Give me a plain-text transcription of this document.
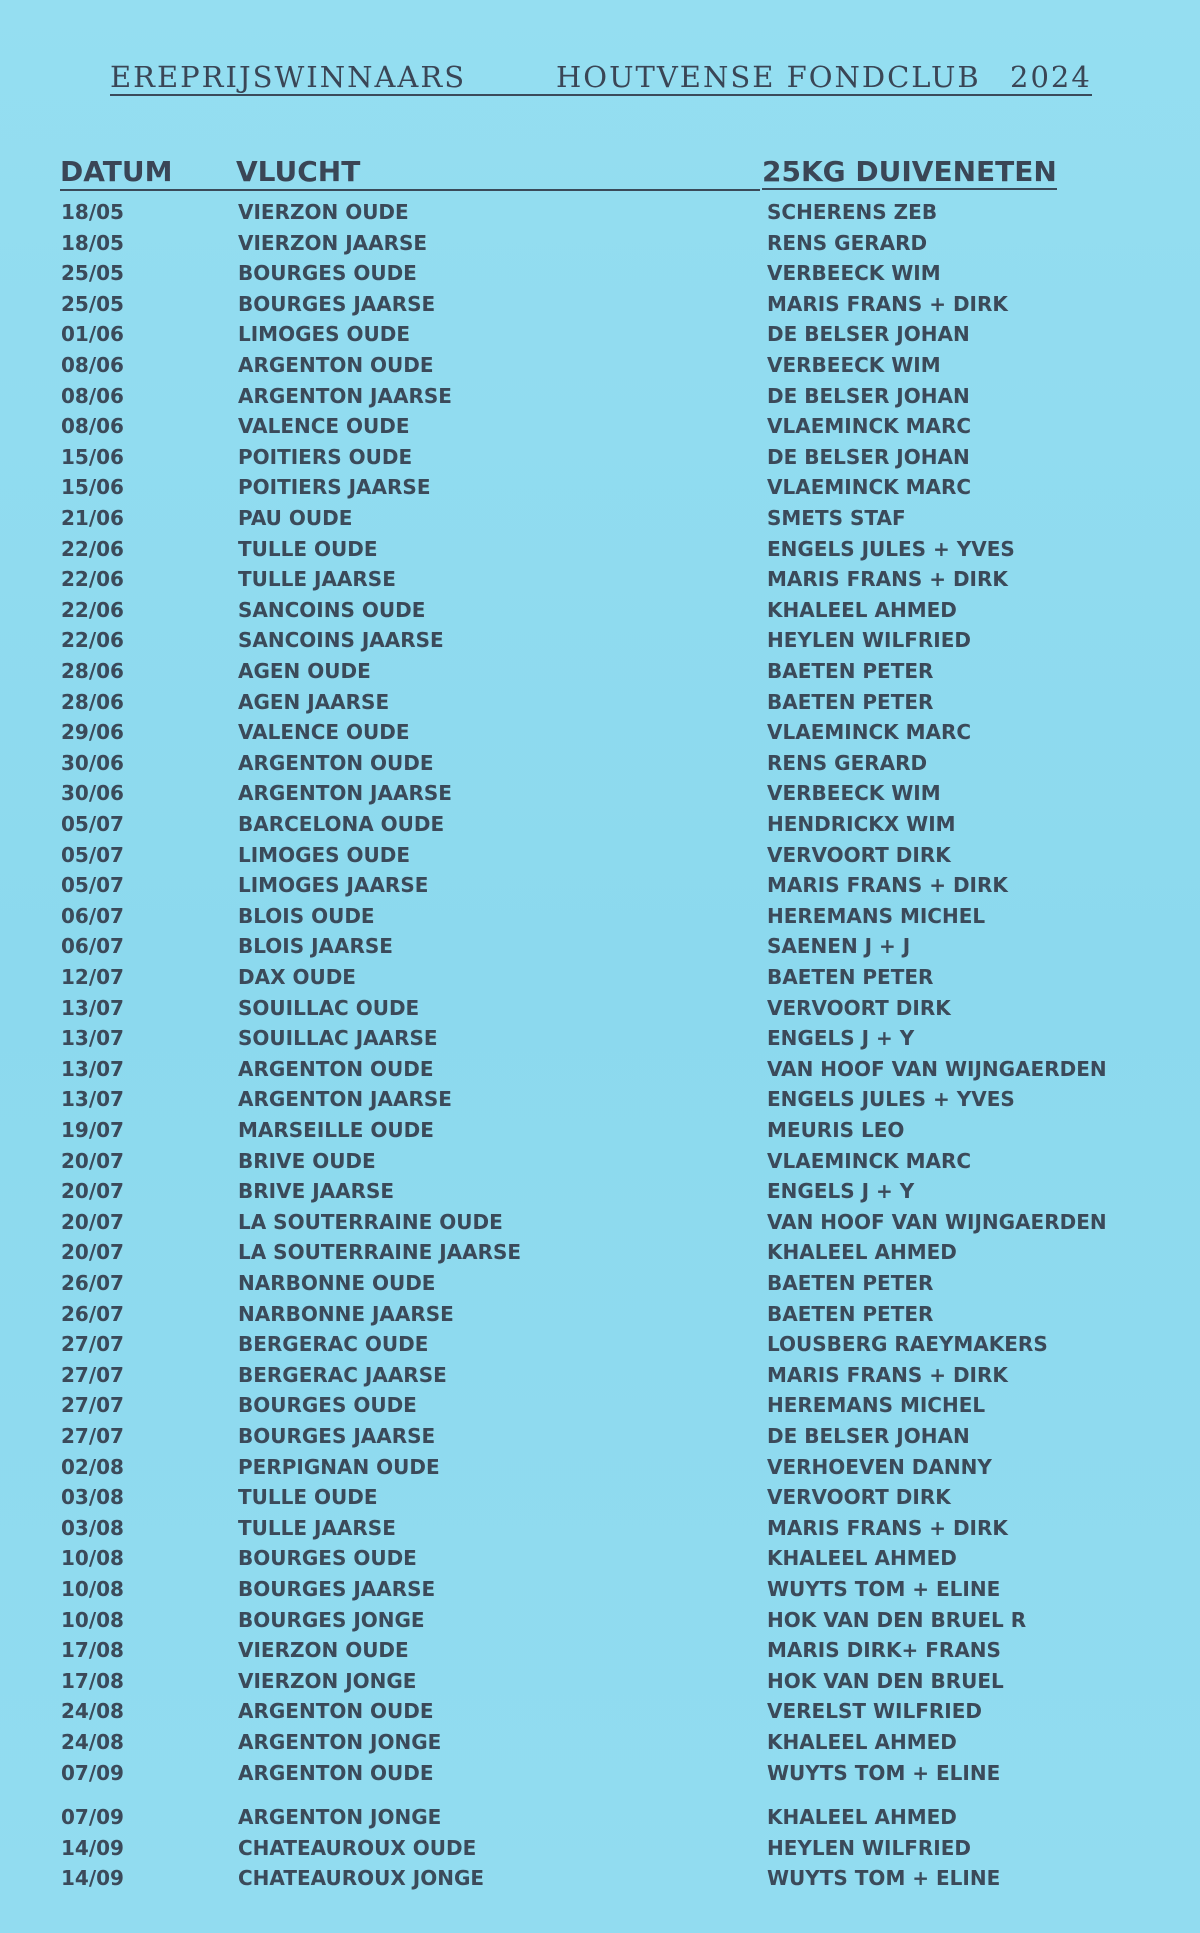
EREPRIJSWINNAARS	HOUTVENSE FONDCLUB 2024
DATUM VLUCHT	25KG DUIVENETEN
18/05	VIERZON OUDE	SCHERENS ZEB
18/05	VIERZON JAARSE	RENS GERARD
25/05	BOURGES OUDE	VERBEECK WIM
25/05	BOURGES JAARSE	MARIS FRANS + DIRK
01/06	LIMOGES OUDE	DE BELSER JOHAN
08/06	ARGENTON OUDE	VERBEECK WIM
08/06	ARGENTON JAARSE	DE BELSER JOHAN
08/06	VALENCE OUDE	VLAEMINCK MARC
15/06	POITIERS OUDE	DE BELSER JOHAN
15/06	POITIERS JAARSE	VLAEMINCK MARC
21/06	PAU OUDE	SMETS STAF
22/06	TULLE OUDE	ENGELS JULES + YVES
22/06	TULLE JAARSE	MARIS FRANS + DIRK
22/06	SANCOINS OUDE	KHALEEL AHMED
22/06	SANCOINS JAARSE	HEYLEN WILFRIED
28/06	AGEN OUDE	BAETEN PETER
28/06	AGEN JAARSE	BAETEN PETER
29/06	VALENCE OUDE	VLAEMINCK MARC
30/06	ARGENTON OUDE	RENS GERARD
30/06	ARGENTON JAARSE	VERBEECK WIM
05/07	BARCELONA OUDE	HENDRICKX WIM
05/07	LIMOGES OUDE	VERVOORT DIRK
05/07	LIMOGES JAARSE	MARIS FRANS + DIRK
06/07	BLOIS OUDE	HEREMANS MICHEL
06/07	BLOIS JAARSE	SAENEN J + J
12/07	DAX OUDE	BAETEN PETER
13/07	SOUILLAC OUDE	VERVOORT DIRK
13/07	SOUILLAC JAARSE	ENGELS J + Y
13/07	ARGENTON OUDE	VAN HOOF VAN WIJNGAERDEN
13/07	ARGENTON JAARSE	ENGELS JULES + YVES
19/07	MARSEILLE OUDE	MEURIS LEO
20/07	BRIVE OUDE	VLAEMINCK MARC
20/07	BRIVE JAARSE	ENGELS J + Y
20/07	LA SOUTERRAINE OUDE	VAN HOOF VAN WIJNGAERDEN
20/07	LA SOUTERRAINE JAARSE	KHALEEL AHMED
26/07	NARBONNE OUDE	BAETEN PETER
26/07	NARBONNE JAARSE	BAETEN PETER
27/07	BERGERAC OUDE	LOUSBERG RAEYMAKERS
27/07	BERGERAC JAARSE	MARIS FRANS + DIRK
27/07	BOURGES OUDE	HEREMANS MICHEL
27/07	BOURGES JAARSE	DE BELSER JOHAN
02/08	PERPIGNAN OUDE	VERHOEVEN DANNY
03/08	TULLE OUDE	VERVOORT DIRK
03/08	TULLE JAARSE	MARIS FRANS + DIRK
10/08	BOURGES OUDE	KHALEEL AHMED
10/08	BOURGES JAARSE	WUYTS TOM + ELINE
10/08	BOURGES JONGE	HOK VAN DEN BRUEL R
17/08	VIERZON OUDE	MARIS DIRK+ FRANS
17/08	VIERZON JONGE	HOK VAN DEN BRUEL
24/08	ARGENTON OUDE	VERELST WILFRIED
24/08	ARGENTON JONGE	KHALEEL AHMED
07/09	ARGENTON OUDE	WUYTS TOM + ELINE
07/09	ARGENTON JONGE	KHALEEL AHMED
14/09	CHATEAUROUX OUDE	HEYLEN WILFRIED
14/09	CHATEAUROUX JONGE	WUYTS TOM + ELINE
